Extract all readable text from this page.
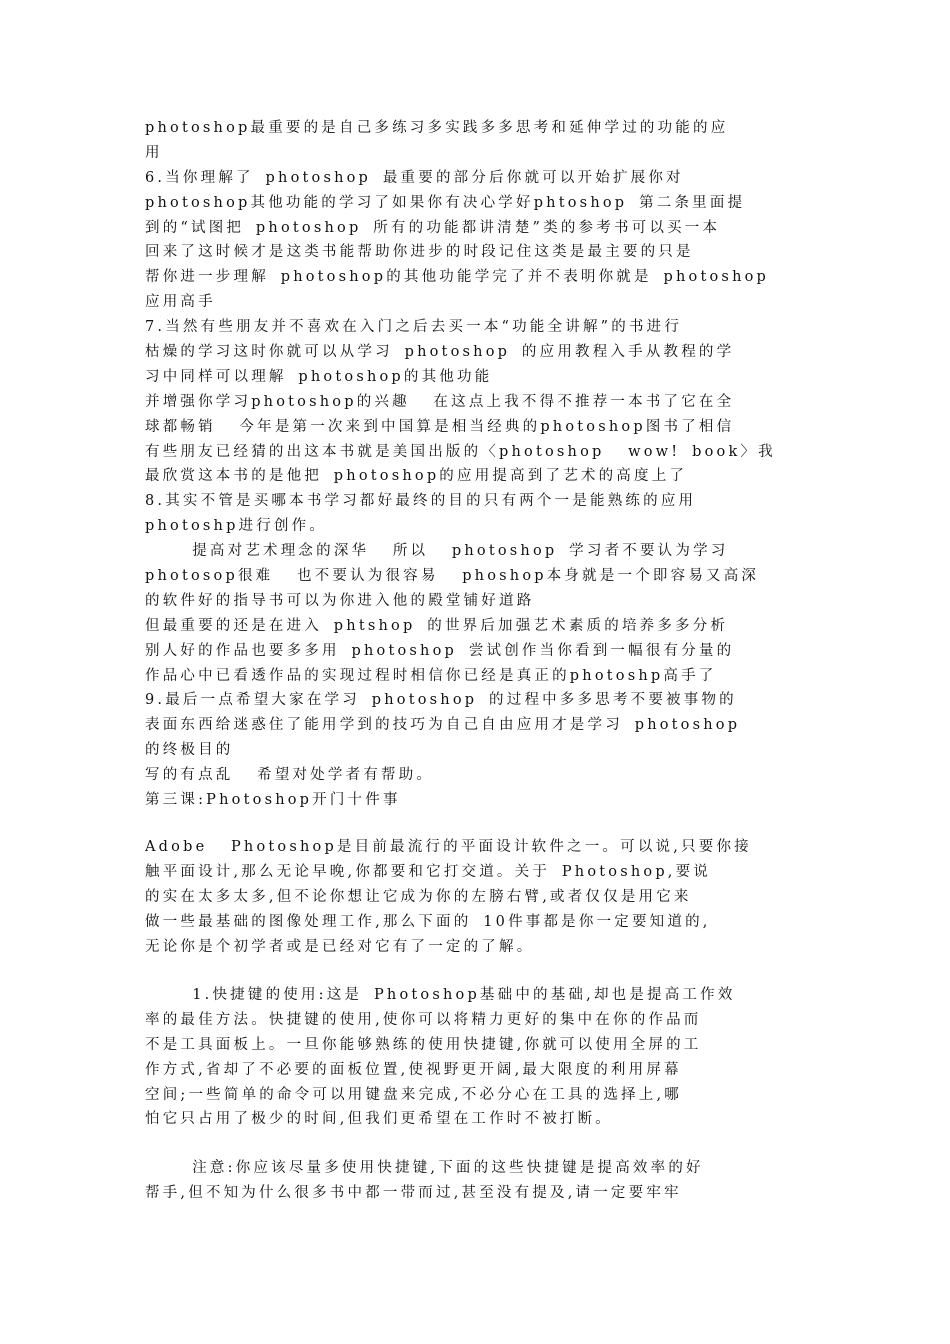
photoshop最重要的是自己多练习多实践多多思考和延伸学过的功能的应
用
6.当你理解了 photoshop 最重要的部分后你就可以开始扩展你对
photoshop其他功能的学习了如果你有决心学好phtoshop 第二条里面提
到的“试图把 photoshop 所有的功能都讲清楚”类的参考书可以买一本
回来了这时候才是这类书能帮助你进步的时段记住这类是最主要的只是
帮你进一步理解 photoshop的其他功能学完了并不表明你就是 photoshop
应用高手
7.当然有些朋友并不喜欢在入门之后去买一本“功能全讲解”的书进行
枯燥的学习这时你就可以从学习 photoshop 的应用教程入手从教程的学
习中同样可以理解 photoshop的其他功能
并增强你学习photoshop的兴趣  在这点上我不得不推荐一本书了它在全
球都畅销  今年是第一次来到中国算是相当经典的photoshop图书了相信
有些朋友已经猜的出这本书就是美国出版的〈photoshop  wow! book〉我
最欣赏这本书的是他把 photoshop的应用提高到了艺术的高度上了
8.其实不管是买哪本书学习都好最终的目的只有两个一是能熟练的应用
photoshp进行创作。
提高对艺术理念的深华  所以  photoshop 学习者不要认为学习
photosop很难  也不要认为很容易  phoshop本身就是一个即容易又高深
的软件好的指导书可以为你进入他的殿堂铺好道路
但最重要的还是在进入 phtshop 的世界后加强艺术素质的培养多多分析
别人好的作品也要多多用 photoshop 尝试创作当你看到一幅很有分量的
作品心中已看透作品的实现过程时相信你已经是真正的photoshp高手了
9.最后一点希望大家在学习 photoshop 的过程中多多思考不要被事物的
表面东西给迷惑住了能用学到的技巧为自己自由应用才是学习 photoshop
的终极目的
写的有点乱  希望对处学者有帮助。
第三课:Photoshop开门十件事
Adobe  Photoshop是目前最流行的平面设计软件之一。可以说,只要你接
触平面设计,那么无论早晚,你都要和它打交道。关于 Photoshop,要说
的实在太多太多,但不论你想让它成为你的左膀右臂,或者仅仅是用它来
做一些最基础的图像处理工作,那么下面的 10件事都是你一定要知道的,
无论你是个初学者或是已经对它有了一定的了解。
1.快捷键的使用:这是 Photoshop基础中的基础,却也是提高工作效
率的最佳方法。快捷键的使用,使你可以将精力更好的集中在你的作品而
不是工具面板上。一旦你能够熟练的使用快捷键,你就可以使用全屏的工
作方式,省却了不必要的面板位置,使视野更开阔,最大限度的利用屏幕
空间;一些简单的命令可以用键盘来完成,不必分心在工具的选择上,哪
怕它只占用了极少的时间,但我们更希望在工作时不被打断。
注意:你应该尽量多使用快捷键,下面的这些快捷键是提高效率的好
帮手,但不知为什么很多书中都一带而过,甚至没有提及,请一定要牢牢
